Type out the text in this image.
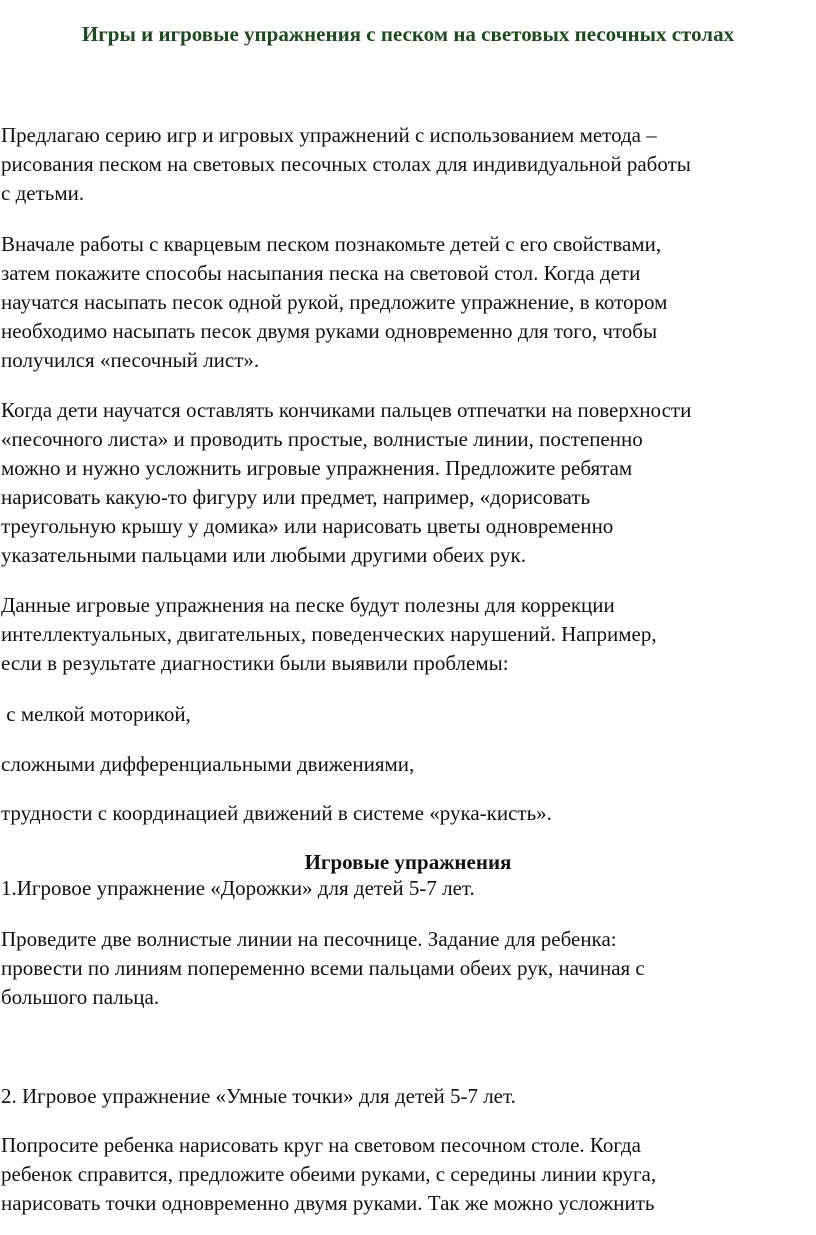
Игры и игровые упражнения с песком на световых песочных столах

Предлагаю серию игр и игровых упражнений с использованием метода –
рисования песком на световых песочных столах для индивидуальной работы
с детьми.

Вначале работы с кварцевым песком познакомьте детей с его свойствами,
затем покажите способы насыпания песка на световой стол. Когда дети
научатся насыпать песок одной рукой, предложите упражнение, в котором
необходимо насыпать песок двумя руками одновременно для того, чтобы
получился «песочный лист».

Когда дети научатся оставлять кончиками пальцев отпечатки на поверхности
«песочного листа» и проводить простые, волнистые линии, постепенно
можно и нужно усложнить игровые упражнения. Предложите ребятам
нарисовать какую-то фигуру или предмет, например, «дорисовать
треугольную крышу у домика» или нарисовать цветы одновременно
указательными пальцами или любыми другими обеих рук.

Данные игровые упражнения на песке будут полезны для коррекции
интеллектуальных, двигательных, поведенческих нарушений. Например,
если в результате диагностики были выявили проблемы:

с мелкой моторикой,

сложными дифференциальными движениями,

трудности с координацией движений в системе «рука-кисть».

Игровые упражнения

1.Игровое упражнение «Дорожки» для детей 5-7 лет.

Проведите две волнистые линии на песочнице. Задание для ребенка:
провести по линиям попеременно всеми пальцами обеих рук, начиная с
большого пальца.

2. Игровое упражнение «Умные точки» для детей 5-7 лет.

Попросите ребенка нарисовать круг на световом песочном столе. Когда
ребенок справится, предложите обеими руками, с середины линии круга,
нарисовать точки одновременно двумя руками. Так же можно усложнить
